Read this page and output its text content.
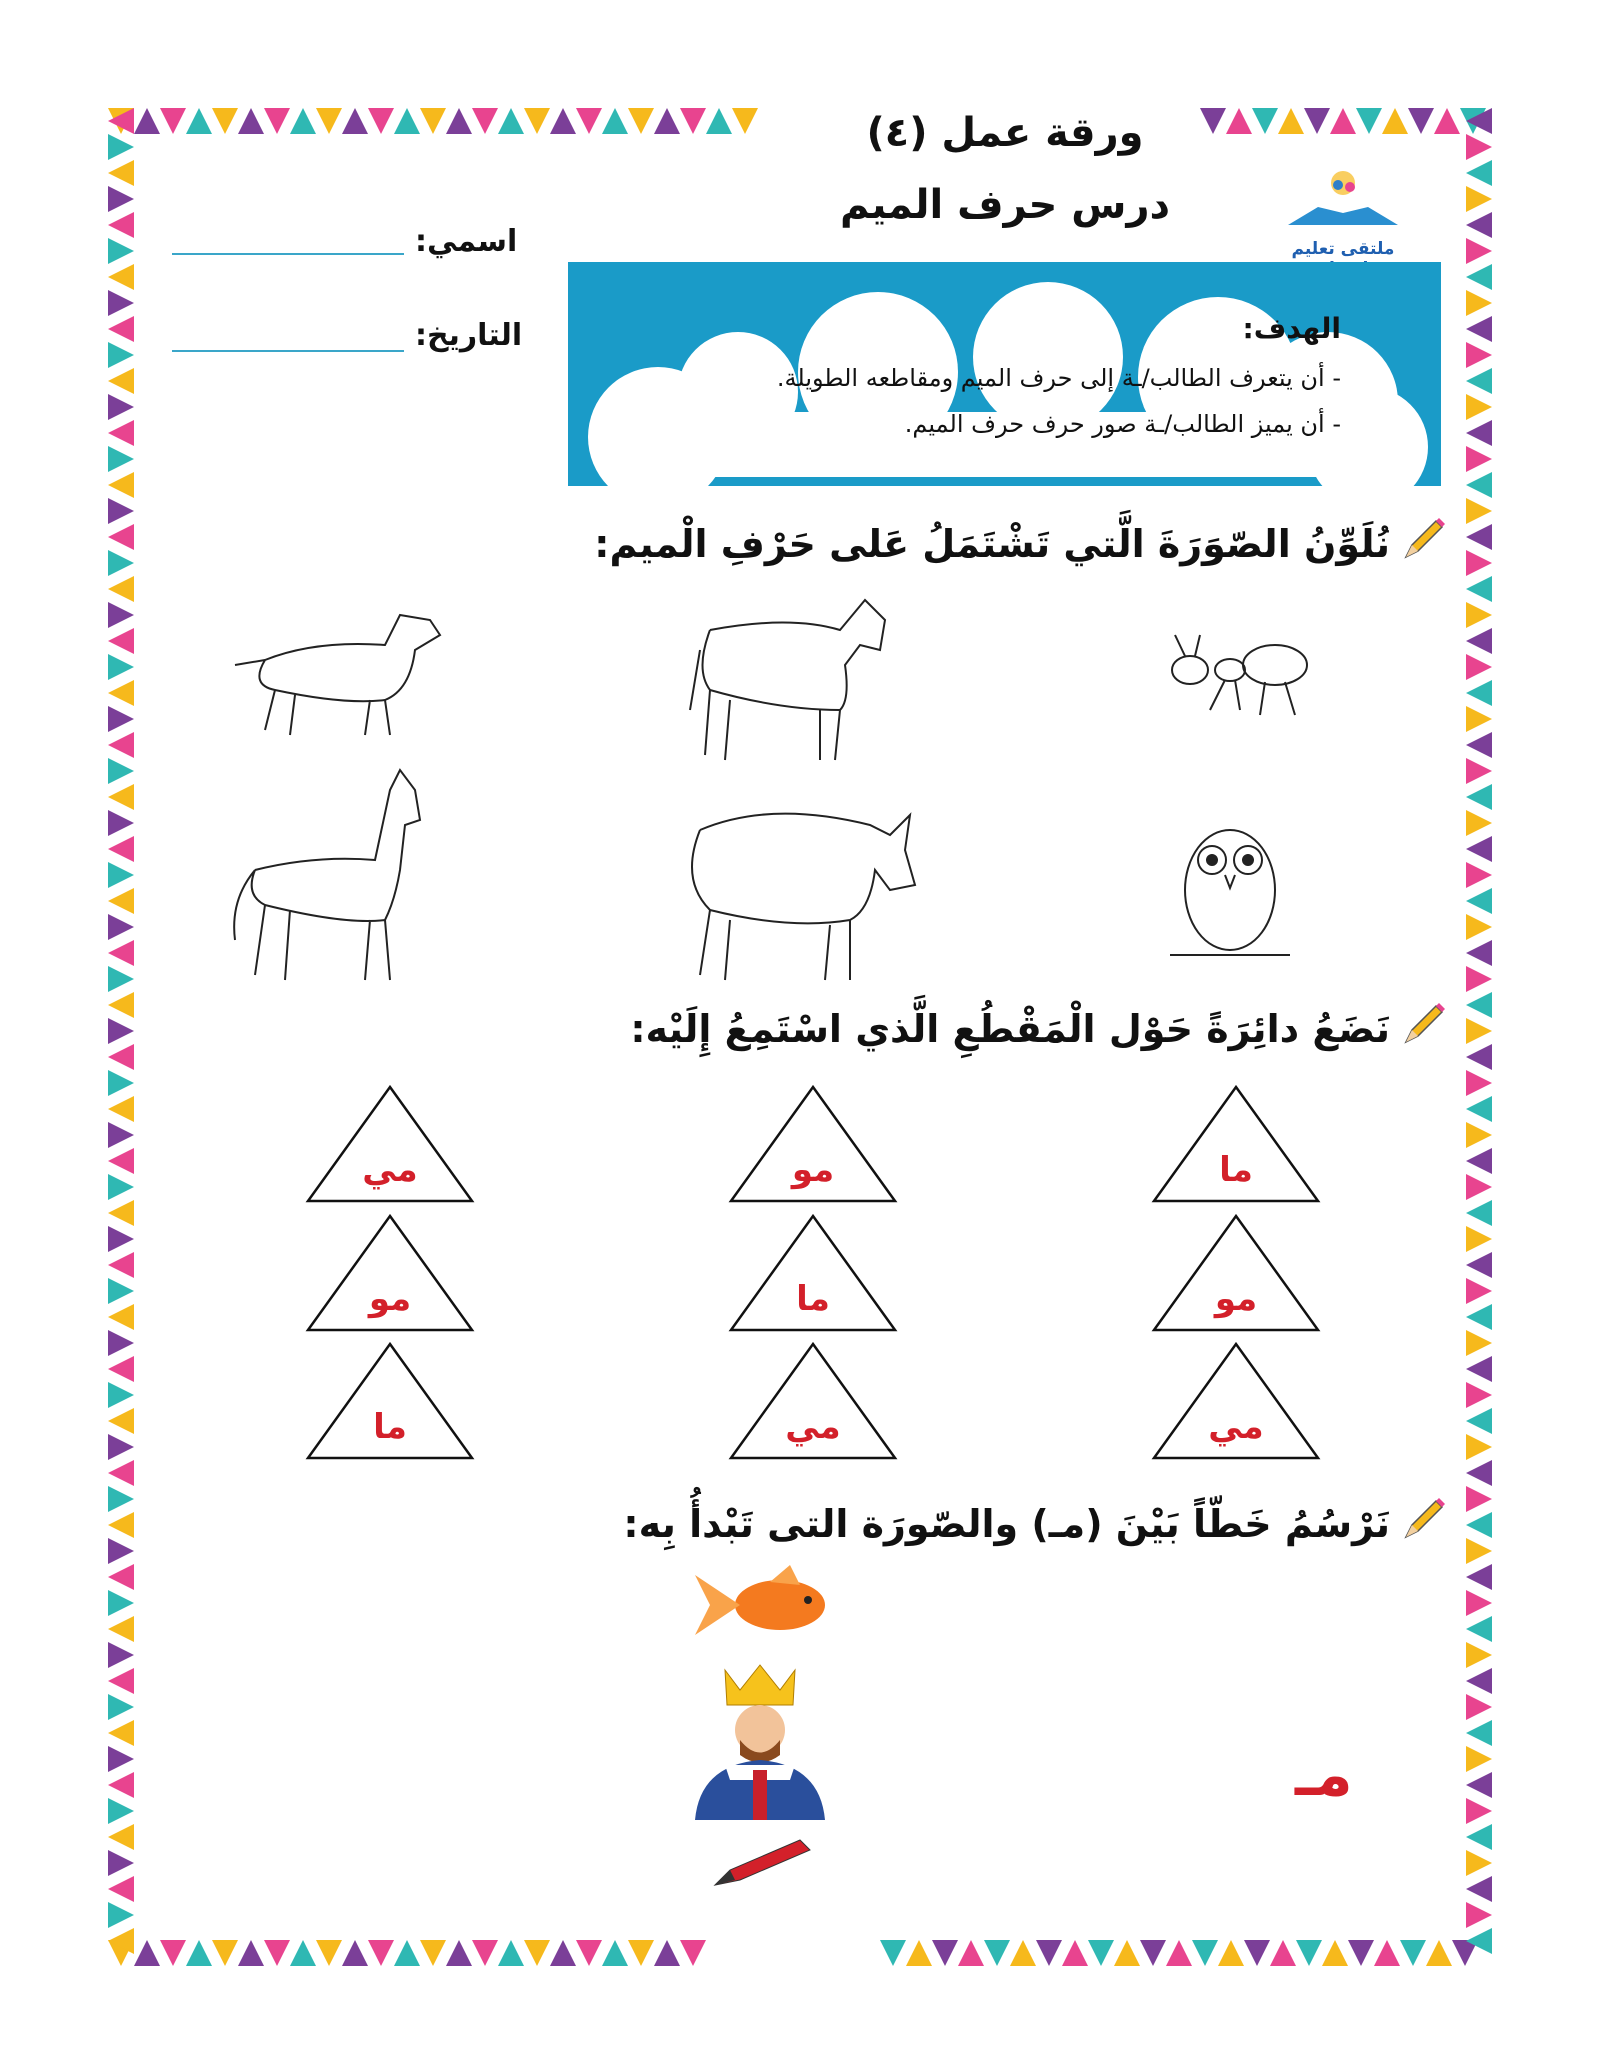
ورقة عمل (٤)
درس حرف الميم
ملتقى تعليم
اسمي:
التاريخ:	الهدف:
- أن يتعرف الطالب/ـة إلى حرف الميم ومقاطعه الطويلة.
- أن يميز الطالب/ـة صور حرف حرف الميم.
نُلَوِّنُ الصّوَرَةَ الَّتي تَشْتَمَلُ عَلى حَرْفِ الْميم:
نَضَعُ دائِرَةً حَوْل الْمَقْطُعِ الَّذي اسْتَمِعُ إِلَيْه:
ما
مو
مي
مو
ما
مو
مي
مي
ما
نَرْسُمُ خَطّاً بَيْنَ (مـ) والصّورَة التى تَبْدأُ بِه:
مـ
